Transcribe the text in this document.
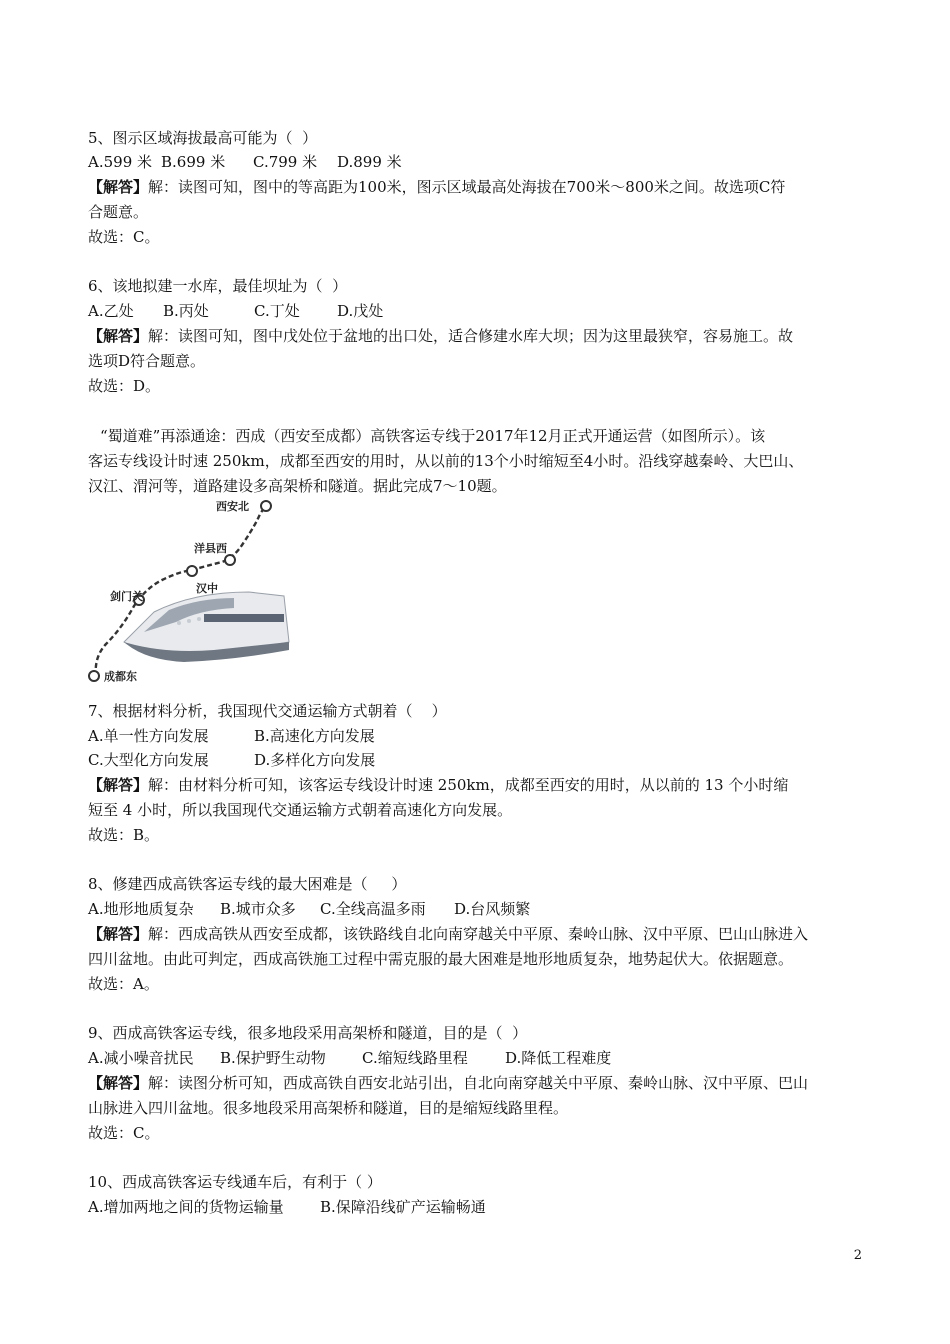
5、图示区域海拔最高可能为（  ）
A.599 米 B.699 米 C.799 米 D.899 米
【解答】解：读图可知，图中的等高距为100米，图示区域最高处海拔在700米～800米之间。故选项C符
合题意。
故选：C。
6、该地拟建一水库，最佳坝址为（  ）
A.乙处 B.丙处	C.丁处 D.戊处
【解答】解：读图可知，图中戊处位于盆地的出口处，适合修建水库大坝；因为这里最狭窄，容易施工。故
选项D符合题意。
故选：D。
“蜀道难”再添通途：西成（西安至成都）高铁客运专线于2017年12月正式开通运营（如图所示）。该
客运专线设计时速 250km，成都至西安的用时，从以前的13个小时缩短至4小时。沿线穿越秦岭、大巴山、
汉江、渭河等，道路建设多高架桥和隧道。据此完成7～10题。
西安北
洋县西
汉中
剑门关
成都东
7、根据材料分析，我国现代交通运输方式朝着（    ）
A.单一性方向发展	B.高速化方向发展
C.大型化方向发展	D.多样化方向发展
【解答】解：由材料分析可知，该客运专线设计时速 250km，成都至西安的用时，从以前的 13 个小时缩
短至 4 小时，所以我国现代交通运输方式朝着高速化方向发展。
故选：B。
8、修建西成高铁客运专线的最大困难是（     ）
A.地形地质复杂 B.城市众多 C.全线高温多雨 D.台风频繁
【解答】解：西成高铁从西安至成都，该铁路线自北向南穿越关中平原、秦岭山脉、汉中平原、巴山山脉进入
四川盆地。由此可判定，西成高铁施工过程中需克服的最大困难是地形地质复杂，地势起伏大。依据题意。
故选：A。
9、西成高铁客运专线，很多地段采用高架桥和隧道，目的是（  ）
A.减小噪音扰民 B.保护野生动物 C.缩短线路里程 D.降低工程难度
【解答】解：读图分析可知，西成高铁自西安北站引出，自北向南穿越关中平原、秦岭山脉、汉中平原、巴山
山脉进入四川盆地。很多地段采用高架桥和隧道，目的是缩短线路里程。
故选：C。
10、西成高铁客运专线通车后，有利于（ ）
A.增加两地之间的货物运输量 B.保障沿线矿产运输畅通
2
